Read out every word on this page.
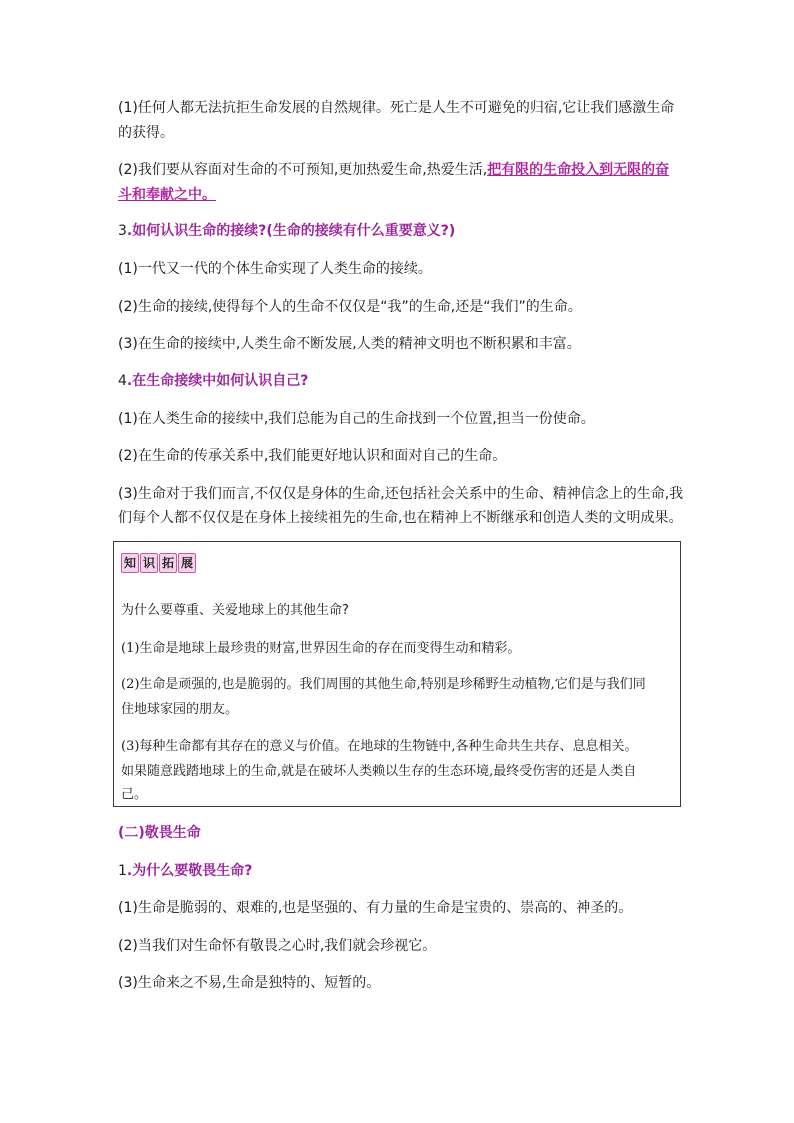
(1)任何人都无法抗拒生命发展的自然规律。死亡是人生不可避免的归宿,它让我们感激生命
的获得。
(2)我们要从容面对生命的不可预知,更加热爱生命,热爱生活,把有限的生命投入到无限的奋
斗和奉献之中。
3.如何认识生命的接续?(生命的接续有什么重要意义?)
(1)一代又一代的个体生命实现了人类生命的接续。
(2)生命的接续,使得每个人的生命不仅仅是“我”的生命,还是“我们”的生命。
(3)在生命的接续中,人类生命不断发展,人类的精神文明也不断积累和丰富。
4.在生命接续中如何认识自己?
(1)在人类生命的接续中,我们总能为自己的生命找到一个位置,担当一份使命。
(2)在生命的传承关系中,我们能更好地认识和面对自己的生命。
(3)生命对于我们而言,不仅仅是身体的生命,还包括社会关系中的生命、精神信念上的生命,我
们每个人都不仅仅是在身体上接续祖先的生命,也在精神上不断继承和创造人类的文明成果。
知 识 拓 展
为什么要尊重、关爱地球上的其他生命?
(1)生命是地球上最珍贵的财富,世界因生命的存在而变得生动和精彩。
(2)生命是顽强的,也是脆弱的。我们周围的其他生命,特别是珍稀野生动植物,它们是与我们同
住地球家园的朋友。
(3)每种生命都有其存在的意义与价值。在地球的生物链中,各种生命共生共存、息息相关。
如果随意践踏地球上的生命,就是在破坏人类赖以生存的生态环境,最终受伤害的还是人类自
己。
(二)敬畏生命
1.为什么要敬畏生命?
(1)生命是脆弱的、艰难的,也是坚强的、有力量的生命是宝贵的、崇高的、神圣的。
(2)当我们对生命怀有敬畏之心时,我们就会珍视它。
(3)生命来之不易,生命是独特的、短暂的。
